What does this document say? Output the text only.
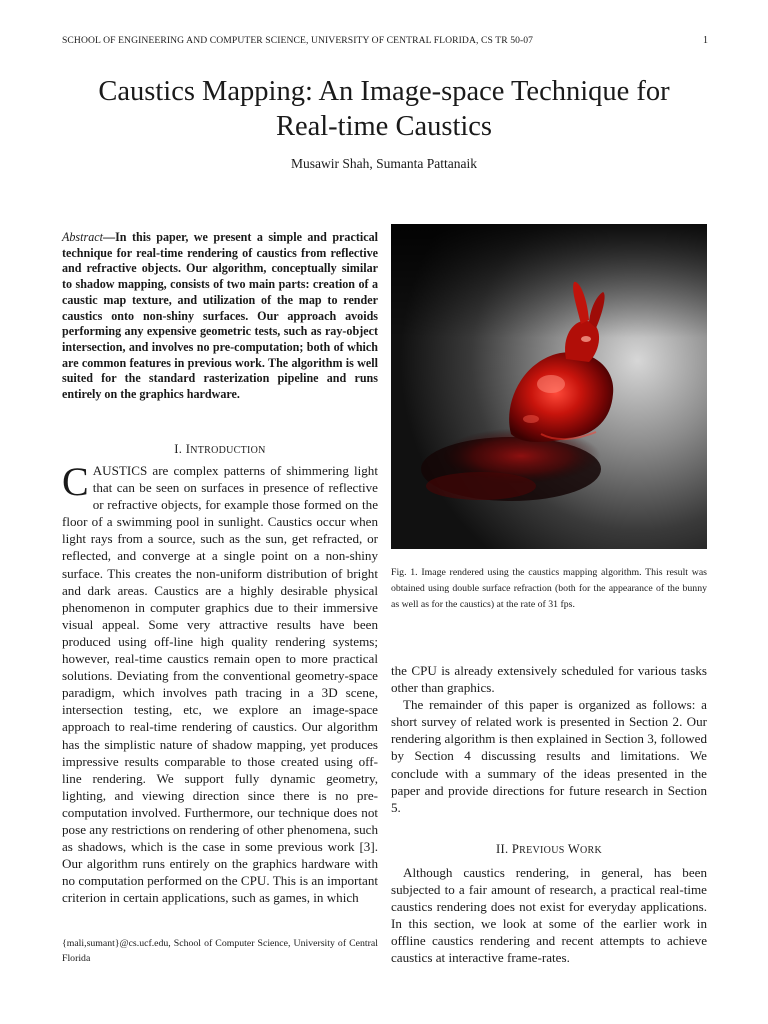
SCHOOL OF ENGINEERING AND COMPUTER SCIENCE, UNIVERSITY OF CENTRAL FLORIDA, CS TR 50-07	1
Caustics Mapping: An Image-space Technique for
Real-time Caustics
Musawir Shah, Sumanta Pattanaik
Abstract—In this paper, we present a simple and practical technique for real-time rendering of caustics from reflective and refractive objects. Our algorithm, conceptually similar to shadow mapping, consists of two main parts: creation of a caustic map texture, and utilization of the map to render caustics onto non-shiny surfaces. Our approach avoids performing any expensive geometric tests, such as ray-object intersection, and involves no pre-computation; both of which are common features in previous work. The algorithm is well suited for the standard rasterization pipeline and runs entirely on the graphics hardware.
I. INTRODUCTION

CAUSTICS are complex patterns of shimmering light that can be seen on surfaces in presence of reflective or refractive objects, for example those formed on the floor of a swimming pool in sunlight. Caustics occur when light rays from a source, such as the sun, get refracted, or reflected, and converge at a single point on a non-shiny surface. This creates the non-uniform distribution of bright and dark areas. Caustics are a highly desirable physical phenomenon in computer graphics due to their immersive visual appeal. Some very attractive results have been produced using off-line high quality rendering systems; however, real-time caustics remain open to more practical solutions. Deviating from the conventional geometry-space paradigm, which involves path tracing in a 3D scene, intersection testing, etc, we explore an image-space approach to real-time rendering of caustics. Our algorithm has the simplistic nature of shadow mapping, yet produces impressive results comparable to those created using off-line rendering. We support fully dynamic geometry, lighting, and viewing direction since there is no pre-computation involved. Furthermore, our technique does not pose any restrictions on rendering of other phenomena, such as shadows, which is the case in some previous work [3]. Our algorithm runs entirely on the graphics hardware with no computation performed on the CPU. This is an important criterion in certain applications, such as games, in which

{mali,sumant}@cs.ucf.edu, School of Computer Science, University of Central Florida
Fig. 1. Image rendered using the caustics mapping algorithm. This result was obtained using double surface refraction (both for the appearance of the bunny as well as for the caustics) at the rate of 31 fps.

the CPU is already extensively scheduled for various tasks other than graphics.

The remainder of this paper is organized as follows: a short survey of related work is presented in Section 2. Our rendering algorithm is then explained in Section 3, followed by Section 4 discussing results and limitations. We conclude with a summary of the ideas presented in the paper and provide directions for future research in Section 5.

II. PREVIOUS WORK

Although caustics rendering, in general, has been subjected to a fair amount of research, a practical real-time caustics rendering does not exist for everyday applications. In this section, we look at some of the earlier work in offline caustics rendering and recent attempts to achieve caustics at interactive frame-rates.
